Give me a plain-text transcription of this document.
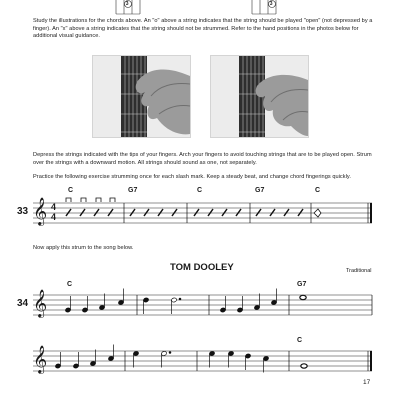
3	3
Study the illustrations for the chords above. An "o" above a string indicates that the string should be played "open" (not depressed by a finger). An "x" above a string indicates that the string should not be strummed. Refer to the hand positions in the photos below for additional visual guidance.
Depress the strings indicated with the tips of your fingers. Arch your fingers to avoid touching strings that are to be played open. Strum over the strings with a downward motion. All strings should sound as one, not separately.
Practice the following exercise strumming once for each slash mark. Keep a steady beat, and change chord fingerings quickly.
C	G7	C	G7	C
33 𝄞 4
4
Now apply this strum to the song below.
TOM DOOLEY	Traditional
C	G7
34 𝄞
C
𝄞
17
